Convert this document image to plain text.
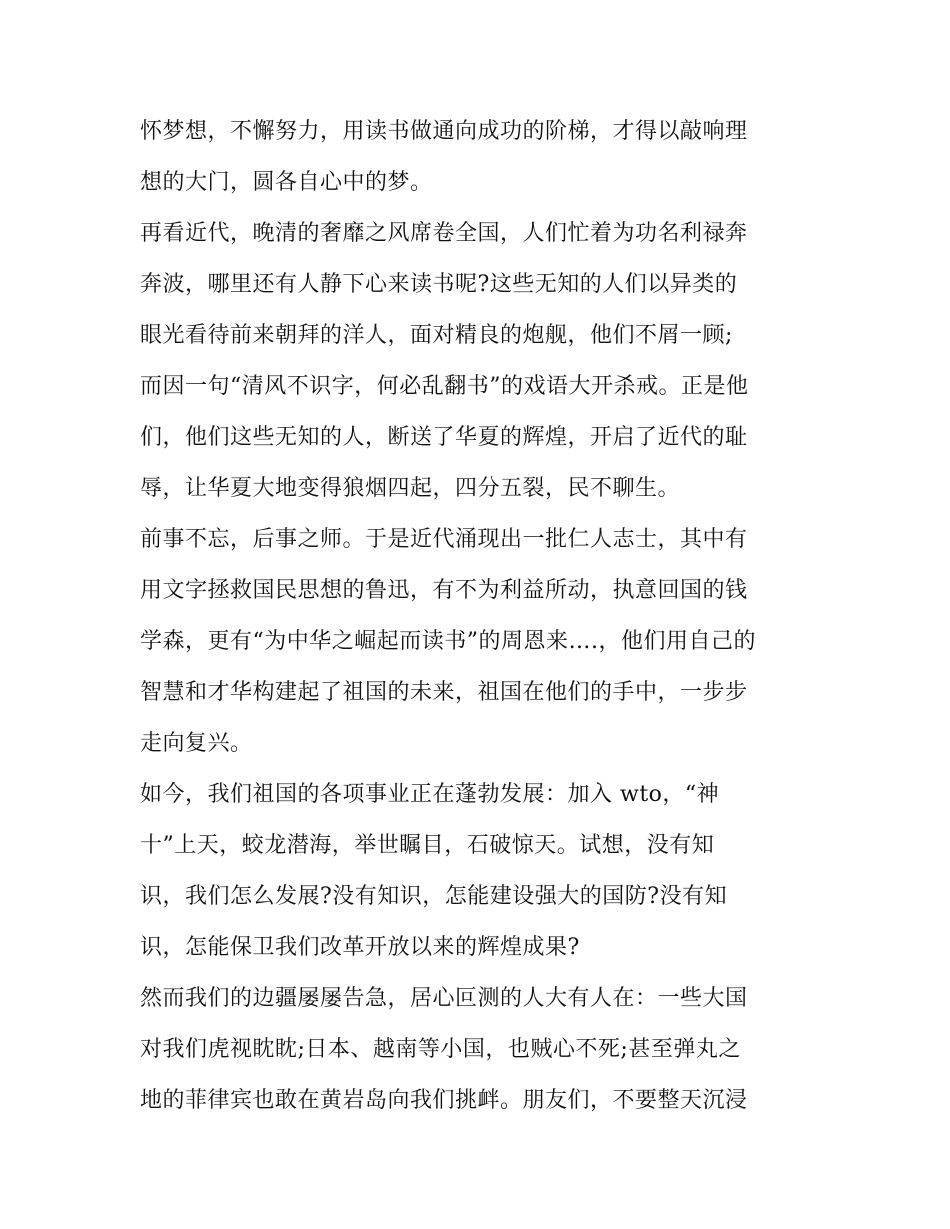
怀梦想，不懈努力，用读书做通向成功的阶梯，才得以敲响理
想的大门，圆各自心中的梦。
再看近代，晚清的奢靡之风席卷全国，人们忙着为功名利禄奔
奔波，哪里还有人静下心来读书呢?这些无知的人们以异类的
眼光看待前来朝拜的洋人，面对精良的炮舰，他们不屑一顾;
而因一句“清风不识字，何必乱翻书”的戏语大开杀戒。正是他
们，他们这些无知的人，断送了华夏的辉煌，开启了近代的耻
辱，让华夏大地变得狼烟四起，四分五裂，民不聊生。
前事不忘，后事之师。于是近代涌现出一批仁人志士，其中有
用文字拯救国民思想的鲁迅，有不为利益所动，执意回国的钱
学森，更有“为中华之崛起而读书”的周恩来….，他们用自己的
智慧和才华构建起了祖国的未来，祖国在他们的手中，一步步
走向复兴。
如今，我们祖国的各项事业正在蓬勃发展：加入 wto，“神
十”上天，蛟龙潜海，举世瞩目，石破惊天。试想，没有知
识，我们怎么发展?没有知识，怎能建设强大的国防?没有知
识，怎能保卫我们改革开放以来的辉煌成果?
然而我们的边疆屡屡告急，居心叵测的人大有人在：一些大国
对我们虎视眈眈;日本、越南等小国，也贼心不死;甚至弹丸之
地的菲律宾也敢在黄岩岛向我们挑衅。朋友们，不要整天沉浸
